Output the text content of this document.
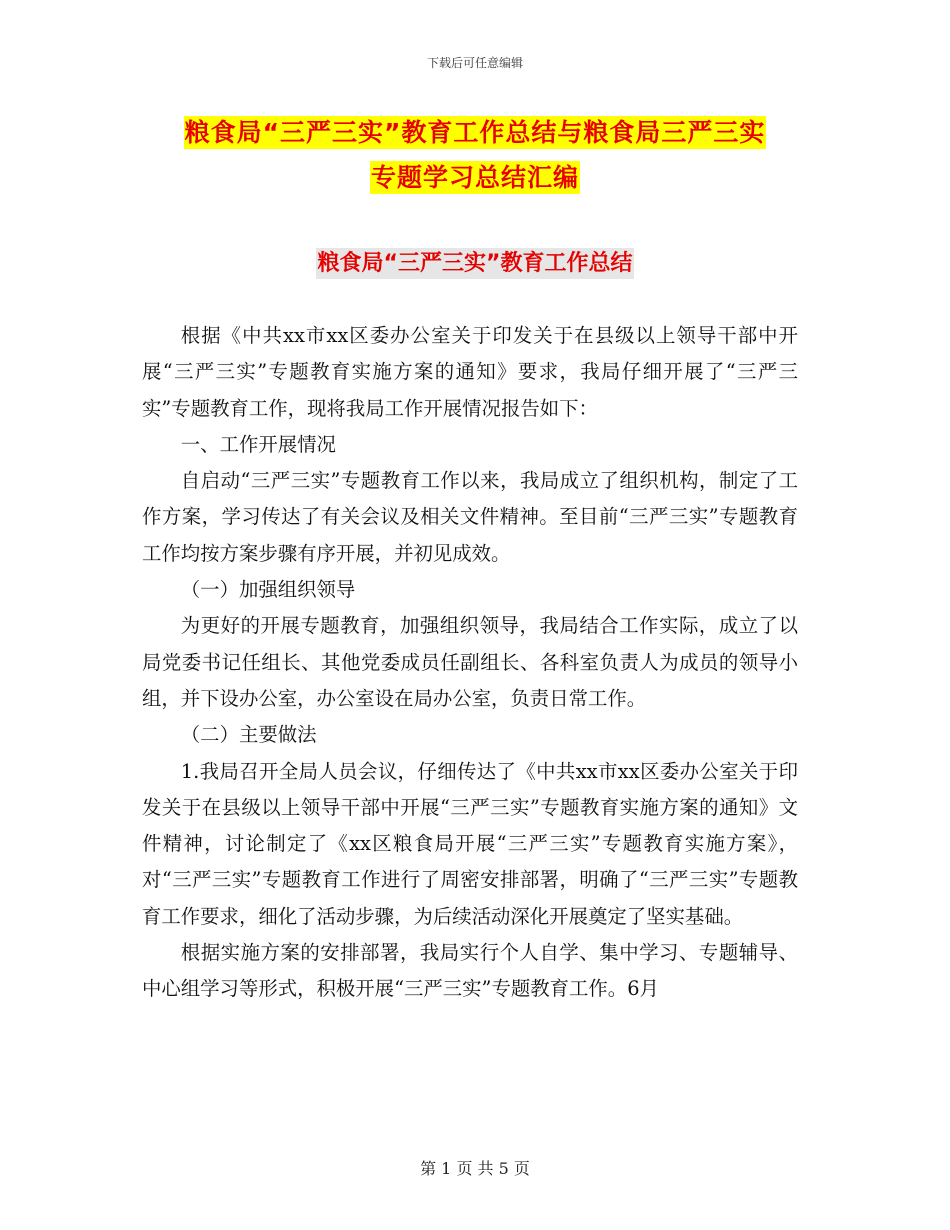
下载后可任意编辑
粮食局“三严三实”教育工作总结与粮食局三严三实
专题学习总结汇编
粮食局“三严三实”教育工作总结

根据《中共xx市xx区委办公室关于印发关于在县级以上领导干部中开展“三严三实”专题教育实施方案的通知》要求，我局仔细开展了“三严三实”专题教育工作，现将我局工作开展情况报告如下：

一、工作开展情况

自启动“三严三实”专题教育工作以来，我局成立了组织机构，制定了工作方案，学习传达了有关会议及相关文件精神。至目前“三严三实”专题教育工作均按方案步骤有序开展，并初见成效。

（一）加强组织领导

为更好的开展专题教育，加强组织领导，我局结合工作实际，成立了以局党委书记任组长、其他党委成员任副组长、各科室负责人为成员的领导小组，并下设办公室，办公室设在局办公室，负责日常工作。

（二）主要做法

1.我局召开全局人员会议，仔细传达了《中共xx市xx区委办公室关于印发关于在县级以上领导干部中开展“三严三实”专题教育实施方案的通知》文件精神，讨论制定了《xx区粮食局开展“三严三实”专题教育实施方案》，对“三严三实”专题教育工作进行了周密安排部署，明确了“三严三实”专题教育工作要求，细化了活动步骤，为后续活动深化开展奠定了坚实基础。

根据实施方案的安排部署，我局实行个人自学、集中学习、专题辅导、中心组学习等形式，积极开展“三严三实”专题教育工作。6月

第 1 页 共 5 页
